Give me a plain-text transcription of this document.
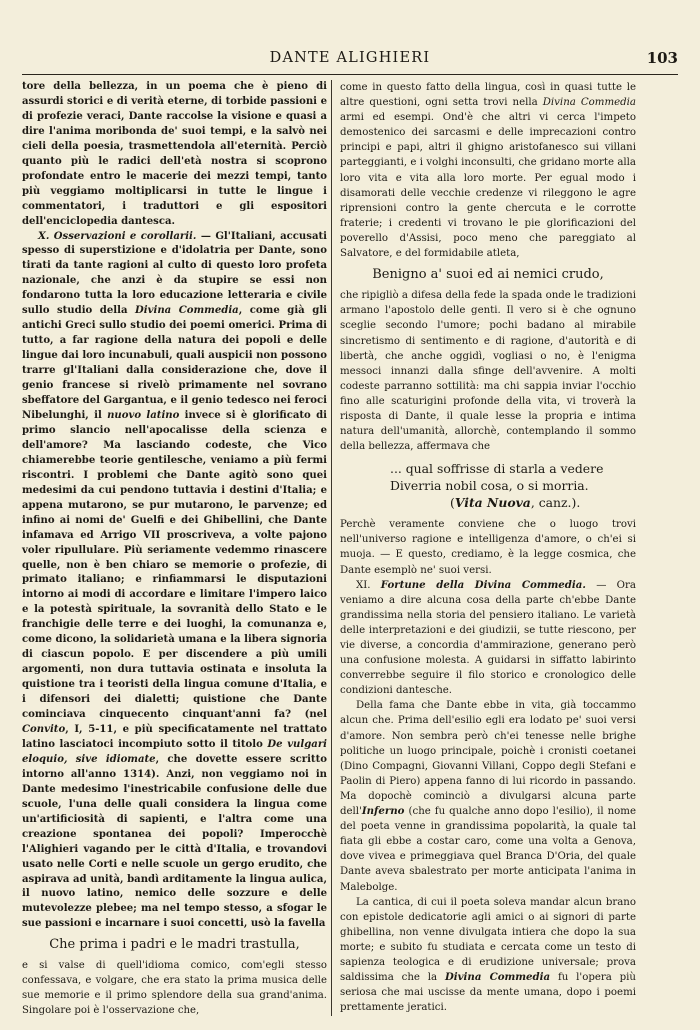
DANTE ALIGHIERI	103

tore della bellezza, in un poema che è pieno di assurdi storici e di verità eterne, di torbide passioni e di profezie veraci, Dante raccolse la visione e quasi a dire l'anima moribonda de' suoi tempi, e la salvò nei cieli della poesia, trasmettendola all'eternità. Perciò quanto più le radici dell'età nostra si scoprono profondate entro le macerie dei mezzi tempi, tanto più veggiamo moltiplicarsi in tutte le lingue i commentatori, i traduttori e gli espositori dell'enciclopedia dantesca.

X. Osservazioni e corollarii. — Gl'Italiani, accusati spesso di superstizione e d'idolatria per Dante, sono tirati da tante ragioni al culto di questo loro profeta nazionale, che anzi è da stupire se essi non fondarono tutta la loro educazione letteraria e civile sullo studio della Divina Commedia, come già gli antichi Greci sullo studio dei poemi omerici. Prima di tutto, a far ragione della natura dei popoli e delle lingue dai loro incunabuli, quali auspicii non possono trarre gl'Italiani dalla considerazione che, dove il genio francese si rivelò primamente nel sovrano sbeffatore del Gargantua, e il genio tedesco nei feroci Nibelunghi, il nuovo latino invece si è glorificato di primo slancio nell'apocalisse della scienza e dell'amore? Ma lasciando codeste, che Vico chiamerebbe teorie gentilesche, veniamo a più fermi riscontri. I problemi che Dante agitò sono quei medesimi da cui pendono tuttavia i destini d'Italia; e appena mutarono, se pur mutarono, le parvenze; ed infino ai nomi de' Guelfi e dei Ghibellini, che Dante infamava ed Arrigo VII proscriveva, a volte pajono voler ripullulare. Più seriamente vedemmo rinascere quelle, non è ben chiaro se memorie o profezie, di primato italiano; e rinfiammarsi le disputazioni intorno ai modi di accordare e limitare l'impero laico e la potestà spirituale, la sovranità dello Stato e le franchigie delle terre e dei luoghi, la comunanza e, come dicono, la solidarietà umana e la libera signoria di ciascun popolo. E per discendere a più umili argomenti, non dura tuttavia ostinata e insoluta la quistione tra i teoristi della lingua comune d'Italia, e i difensori dei dialetti; quistione che Dante cominciava cinquecento cinquant'anni fa? (nel Convito, I, 5-11, e più specificatamente nel trattato latino lasciatoci incompiuto sotto il titolo De vulgari eloquio, sive idiomate, che dovette essere scritto intorno all'anno 1314). Anzi, non veggiamo noi in Dante medesimo l'inestricabile confusione delle due scuole, l'una delle quali considera la lingua come un'artificiosità di sapienti, e l'altra come una creazione spontanea dei popoli? Imperocchè l'Alighieri vagando per le città d'Italia, e trovandovi usato nelle Corti e nelle scuole un gergo erudito, che aspirava ad unità, bandì arditamente la lingua aulica, il nuovo latino, nemico delle sozzure e delle mutevolezze plebee; ma nel tempo stesso, a sfogar le sue passioni e incarnare i suoi concetti, usò la favella

Che prima i padri e le madri trastulla,

e si valse di quell'idioma comico, com'egli stesso confessava, e volgare, che era stato la prima musica delle sue memorie e il primo splendore della sua grand'anima. Singolare poi è l'osservazione che,

come in questo fatto della lingua, così in quasi tutte le altre questioni, ogni setta trovi nella Divina Commedia armi ed esempi. Ond'è che altri vi cerca l'impeto demostenico dei sarcasmi e delle imprecazioni contro principi e papi, altri il ghigno aristofanesco sui villani parteggianti, e i volghi inconsulti, che gridano morte alla loro vita e vita alla loro morte. Per egual modo i disamorati delle vecchie credenze vi rileggono le agre riprensioni contro la gente chercuta e le corrotte fraterie; i credenti vi trovano le pie glorificazioni del poverello d'Assisi, poco meno che pareggiato al Salvatore, e del formidabile atleta,

Benigno a' suoi ed ai nemici crudo,

che ripigliò a difesa della fede la spada onde le tradizioni armano l'apostolo delle genti. Il vero si è che ognuno sceglie secondo l'umore; pochi badano al mirabile sincretismo di sentimento e di ragione, d'autorità e di libertà, che anche oggidì, vogliasi o no, è l'enigma messoci innanzi dalla sfinge dell'avvenire. A molti codeste parranno sottilità: ma chi sappia inviar l'occhio fino alle scaturigini profonde della vita, vi troverà la risposta di Dante, il quale lesse la propria e intima natura dell'umanità, allorchè, contemplando il sommo della bellezza, affermava che

... qual soffrisse di starla a vedere
Diverria nobil cosa, o si morria.
(Vita Nuova, canz.).

Perchè veramente conviene che o luogo trovi nell'universo ragione e intelligenza d'amore, o ch'ei si muoja. — E questo, crediamo, è la legge cosmica, che Dante esemplò ne' suoi versi.

XI. Fortune della Divina Commedia. — Ora veniamo a dire alcuna cosa della parte ch'ebbe Dante grandissima nella storia del pensiero italiano. Le varietà delle interpretazioni e dei giudizii, se tutte riescono, per vie diverse, a concordia d'ammirazione, generano però una confusione molesta. A guidarsi in siffatto labirinto converrebbe seguire il filo storico e cronologico delle condizioni dantesche.

Della fama che Dante ebbe in vita, già toccammo alcun che. Prima dell'esilio egli era lodato pe' suoi versi d'amore. Non sembra però ch'ei tenesse nelle brighe politiche un luogo principale, poichè i cronisti coetanei (Dino Compagni, Giovanni Villani, Coppo degli Stefani e Paolin di Piero) appena fanno di lui ricordo in passando. Ma dopochè cominciò a divulgarsi alcuna parte dell'Inferno (che fu qualche anno dopo l'esilio), il nome del poeta venne in grandissima popolarità, la quale tal fiata gli ebbe a costar caro, come una volta a Genova, dove vivea e primeggiava quel Branca D'Oria, del quale Dante aveva sbalestrato per morte anticipata l'anima in Malebolge.

La cantica, di cui il poeta soleva mandar alcun brano con epistole dedicatorie agli amici o ai signori di parte ghibellina, non venne divulgata intiera che dopo la sua morte; e subito fu studiata e cercata come un testo di sapienza teologica e di erudizione universale; prova saldissima che la Divina Commedia fu l'opera più seriosa che mai uscisse da mente umana, dopo i poemi prettamente jeratici.
